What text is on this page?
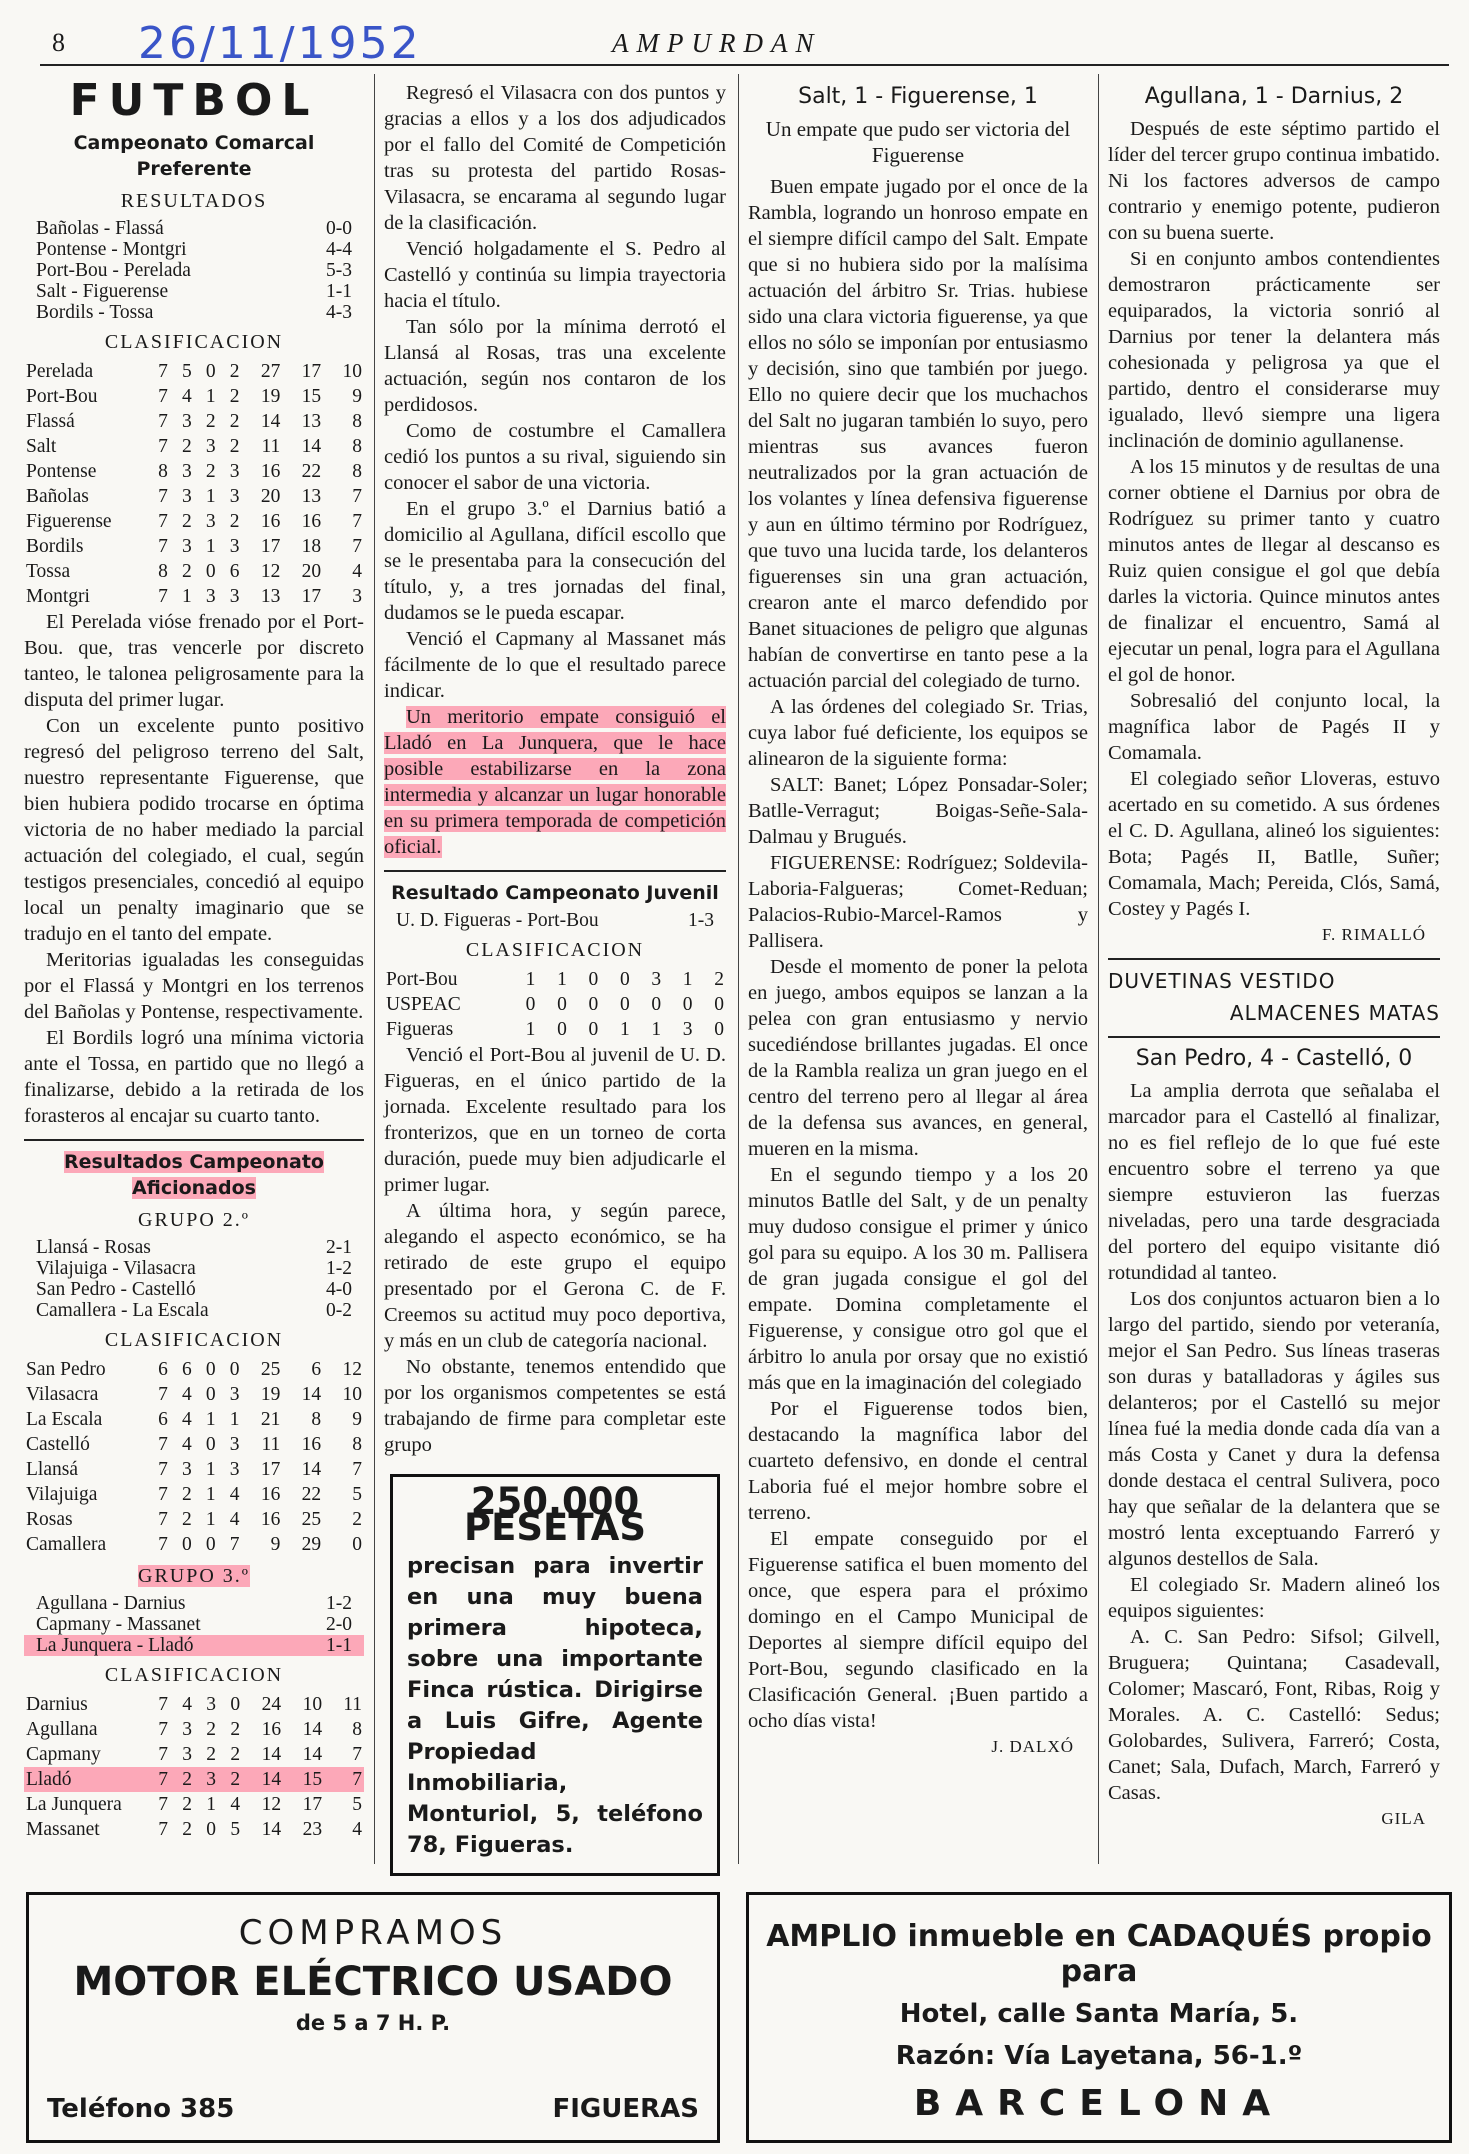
8 26/11/1952	AMPURDAN
FUTBOL
Campeonato Comarcal Preferente
RESULTADOS
Bañolas - Flassá	0-0
Pontense - Montgri	4-4
Port-Bou - Perelada	5-3
Salt - Figuerense	1-1
Bordils - Tossa	4-3
CLASIFICACION
Perelada	7	5	0	2	27	17	10
Port-Bou	7	4	1	2	19	15	9
Flassá	7	3	2	2	14	13	8
Salt	7	2	3	2	11	14	8
Pontense	8	3	2	3	16	22	8
Bañolas	7	3	1	3	20	13	7
Figuerense	7	2	3	2	16	16	7
Bordils	7	3	1	3	17	18	7
Tossa	8	2	0	6	12	20	4
Montgri	7	1	3	3	13	17	3

El Perelada vióse frenado por el Port-Bou. que, tras vencerle por discreto tanteo, le talonea peligrosamente para la disputa del primer lugar.

Con un excelente punto positivo regresó del peligroso terreno del Salt, nuestro representante Figuerense, que bien hubiera podido trocarse en óptima victoria de no haber mediado la parcial actuación del colegiado, el cual, según testigos presenciales, concedió al equipo local un penalty imaginario que se tradujo en el tanto del empate.

Meritorias igualadas les conseguidas por el Flassá y Montgri en los terrenos del Bañolas y Pontense, respectivamente.

El Bordils logró una mínima victoria ante el Tossa, en partido que no llegó a finalizarse, debido a la retirada de los forasteros al encajar su cuarto tanto.

Resultados Campeonato Aficionados
GRUPO 2.º
Llansá - Rosas	2-1
Vilajuiga - Vilasacra	1-2
San Pedro - Castelló	4-0
Camallera - La Escala	0-2
CLASIFICACION
San Pedro	6	6	0	0	25	6	12
Vilasacra	7	4	0	3	19	14	10
La Escala	6	4	1	1	21	8	9
Castelló	7	4	0	3	11	16	8
Llansá	7	3	1	3	17	14	7
Vilajuiga	7	2	1	4	16	22	5
Rosas	7	2	1	4	16	25	2
Camallera	7	0	0	7	9	29	0
GRUPO 3.º
Agullana - Darnius	1-2
Capmany - Massanet	2-0
La Junquera - Lladó	1-1
CLASIFICACION
Darnius	7	4	3	0	24	10	11
Agullana	7	3	2	2	16	14	8
Capmany	7	3	2	2	14	14	7
Lladó	7	2	3	2	14	15	7
La Junquera	7	2	1	4	12	17	5
Massanet	7	2	0	5	14	23	4

Regresó el Vilasacra con dos puntos y gracias a ellos y a los dos adjudicados por el fallo del Comité de Competición tras su protesta del partido Rosas-Vilasacra, se encarama al segundo lugar de la clasificación.

Venció holgadamente el S. Pedro al Castelló y continúa su limpia trayectoria hacia el título.

Tan sólo por la mínima derrotó el Llansá al Rosas, tras una excelente actuación, según nos contaron de los perdidosos.

Como de costumbre el Camallera cedió los puntos a su rival, siguiendo sin conocer el sabor de una victoria.

En el grupo 3.º el Darnius batió a domicilio al Agullana, difícil escollo que se le presentaba para la consecución del título, y, a tres jornadas del final, dudamos se le pueda escapar.

Venció el Capmany al Massanet más fácilmente de lo que el resultado parece indicar.

Un meritorio empate consiguió el Lladó en La Junquera, que le hace posible estabilizarse en la zona intermedia y alcanzar un lugar honorable en su primera temporada de competición oficial.

Resultado Campeonato Juvenil
U. D. Figueras - Port-Bou	1-3
CLASIFICACION
Port-Bou	1	1	0	0	3	1	2
USPEAC	0	0	0	0	0	0	0
Figueras	1	0	0	1	1	3	0

Venció el Port-Bou al juvenil de U. D. Figueras, en el único partido de la jornada. Excelente resultado para los fronterizos, que en un torneo de corta duración, puede muy bien adjudicarle el primer lugar.

A última hora, y según parece, alegando el aspecto económico, se ha retirado de este grupo el equipo presentado por el Gerona C. de F. Creemos su actitud muy poco deportiva, y más en un club de categoría nacional.

No obstante, tenemos entendido que por los organismos competentes se está trabajando de firme para completar este grupo

250.000 PESETAS
precisan para invertir en una muy buena primera hipoteca, sobre una importante Finca rústica. Dirigirse a Luis Gifre, Agente Propiedad Inmobiliaria, Monturiol, 5, teléfono 78, Figueras.
Salt, 1 - Figuerense, 1
Un empate que pudo ser victoria del Figuerense

Buen empate jugado por el once de la Rambla, logrando un honroso empate en el siempre difícil campo del Salt. Empate que si no hubiera sido por la malísima actuación del árbitro Sr. Trias. hubiese sido una clara victoria figuerense, ya que ellos no sólo se imponían por entusiasmo y decisión, sino que también por juego. Ello no quiere decir que los muchachos del Salt no jugaran también lo suyo, pero mientras sus avances fueron neutralizados por la gran actuación de los volantes y línea defensiva figuerense y aun en último término por Rodríguez, que tuvo una lucida tarde, los delanteros figuerenses sin una gran actuación, crearon ante el marco defendido por Banet situaciones de peligro que algunas habían de convertirse en tanto pese a la actuación parcial del colegiado de turno.

A las órdenes del colegiado Sr. Trias, cuya labor fué deficiente, los equipos se alinearon de la siguiente forma:

SALT: Banet; López Ponsadar-Soler; Batlle-Verragut; Boigas-Señe-Sala-Dalmau y Brugués.

FIGUERENSE: Rodríguez; Soldevila-Laboria-Falgueras; Comet-Reduan; Palacios-Rubio-Marcel-Ramos y Pallisera.

Desde el momento de poner la pelota en juego, ambos equipos se lanzan a la pelea con gran entusiasmo y nervio sucediéndose brillantes jugadas. El once de la Rambla realiza un gran juego en el centro del terreno pero al llegar al área de la defensa sus avances, en general, mueren en la misma.

En el segundo tiempo y a los 20 minutos Batlle del Salt, y de un penalty muy dudoso consigue el primer y único gol para su equipo. A los 30 m. Pallisera de gran jugada consigue el gol del empate. Domina completamente el Figuerense, y consigue otro gol que el árbitro lo anula por orsay que no existió más que en la imaginación del colegiado

Por el Figuerense todos bien, destacando la magnífica labor del cuarteto defensivo, en donde el central Laboria fué el mejor hombre sobre el terreno.

El empate conseguido por el Figuerense satifica el buen momento del once, que espera para el próximo domingo en el Campo Municipal de Deportes al siempre difícil equipo del Port-Bou, segundo clasificado en la Clasificación General. ¡Buen partido a ocho días vista!

J. DALXÓ
Agullana, 1 - Darnius, 2

Después de este séptimo partido el líder del tercer grupo continua imbatido. Ni los factores adversos de campo contrario y enemigo potente, pudieron con su buena suerte.

Si en conjunto ambos contendientes demostraron prácticamente ser equiparados, la victoria sonrió al Darnius por tener la delantera más cohesionada y peligrosa ya que el partido, dentro el considerarse muy igualado, llevó siempre una ligera inclinación de dominio agullanense.

A los 15 minutos y de resultas de una corner obtiene el Darnius por obra de Rodríguez su primer tanto y cuatro minutos antes de llegar al descanso es Ruiz quien consigue el gol que debía darles la victoria. Quince minutos antes de finalizar el encuentro, Samá al ejecutar un penal, logra para el Agullana el gol de honor.

Sobresalió del conjunto local, la magnífica labor de Pagés II y Comamala.

El colegiado señor Lloveras, estuvo acertado en su cometido. A sus órdenes el C. D. Agullana, alineó los siguientes: Bota; Pagés II, Batlle, Suñer; Comamala, Mach; Pereida, Clós, Samá, Costey y Pagés I.

F. RIMALLÓ
DUVETINAS VESTIDO
ALMACENES MATAS
San Pedro, 4 - Castelló, 0

La amplia derrota que señalaba el marcador para el Castelló al finalizar, no es fiel reflejo de lo que fué este encuentro sobre el terreno ya que siempre estuvieron las fuerzas niveladas, pero una tarde desgraciada del portero del equipo visitante dió rotundidad al tanteo.

Los dos conjuntos actuaron bien a lo largo del partido, siendo por veteranía, mejor el San Pedro. Sus líneas traseras son duras y batalladoras y ágiles sus delanteros; por el Castelló su mejor línea fué la media donde cada día van a más Costa y Canet y dura la defensa donde destaca el central Sulivera, poco hay que señalar de la delantera que se mostró lenta exceptuando Farreró y algunos destellos de Sala.

El colegiado Sr. Madern alineó los equipos siguientes:

A. C. San Pedro: Sifsol; Gilvell, Bruguera; Quintana; Casadevall, Colomer; Mascaró, Font, Ribas, Roig y Morales. A. C. Castelló: Sedus; Golobardes, Sulivera, Farreró; Costa, Canet; Sala, Dufach, March, Farreró y Casas.

GILA
COMPRAMOS
MOTOR ELÉCTRICO USADO
de 5 a 7 H. P.
Teléfono 385	FIGUERAS
AMPLIO inmueble en CADAQUÉS propio para
Hotel, calle Santa María, 5.
Razón: Vía Layetana, 56-1.º
BARCELONA
